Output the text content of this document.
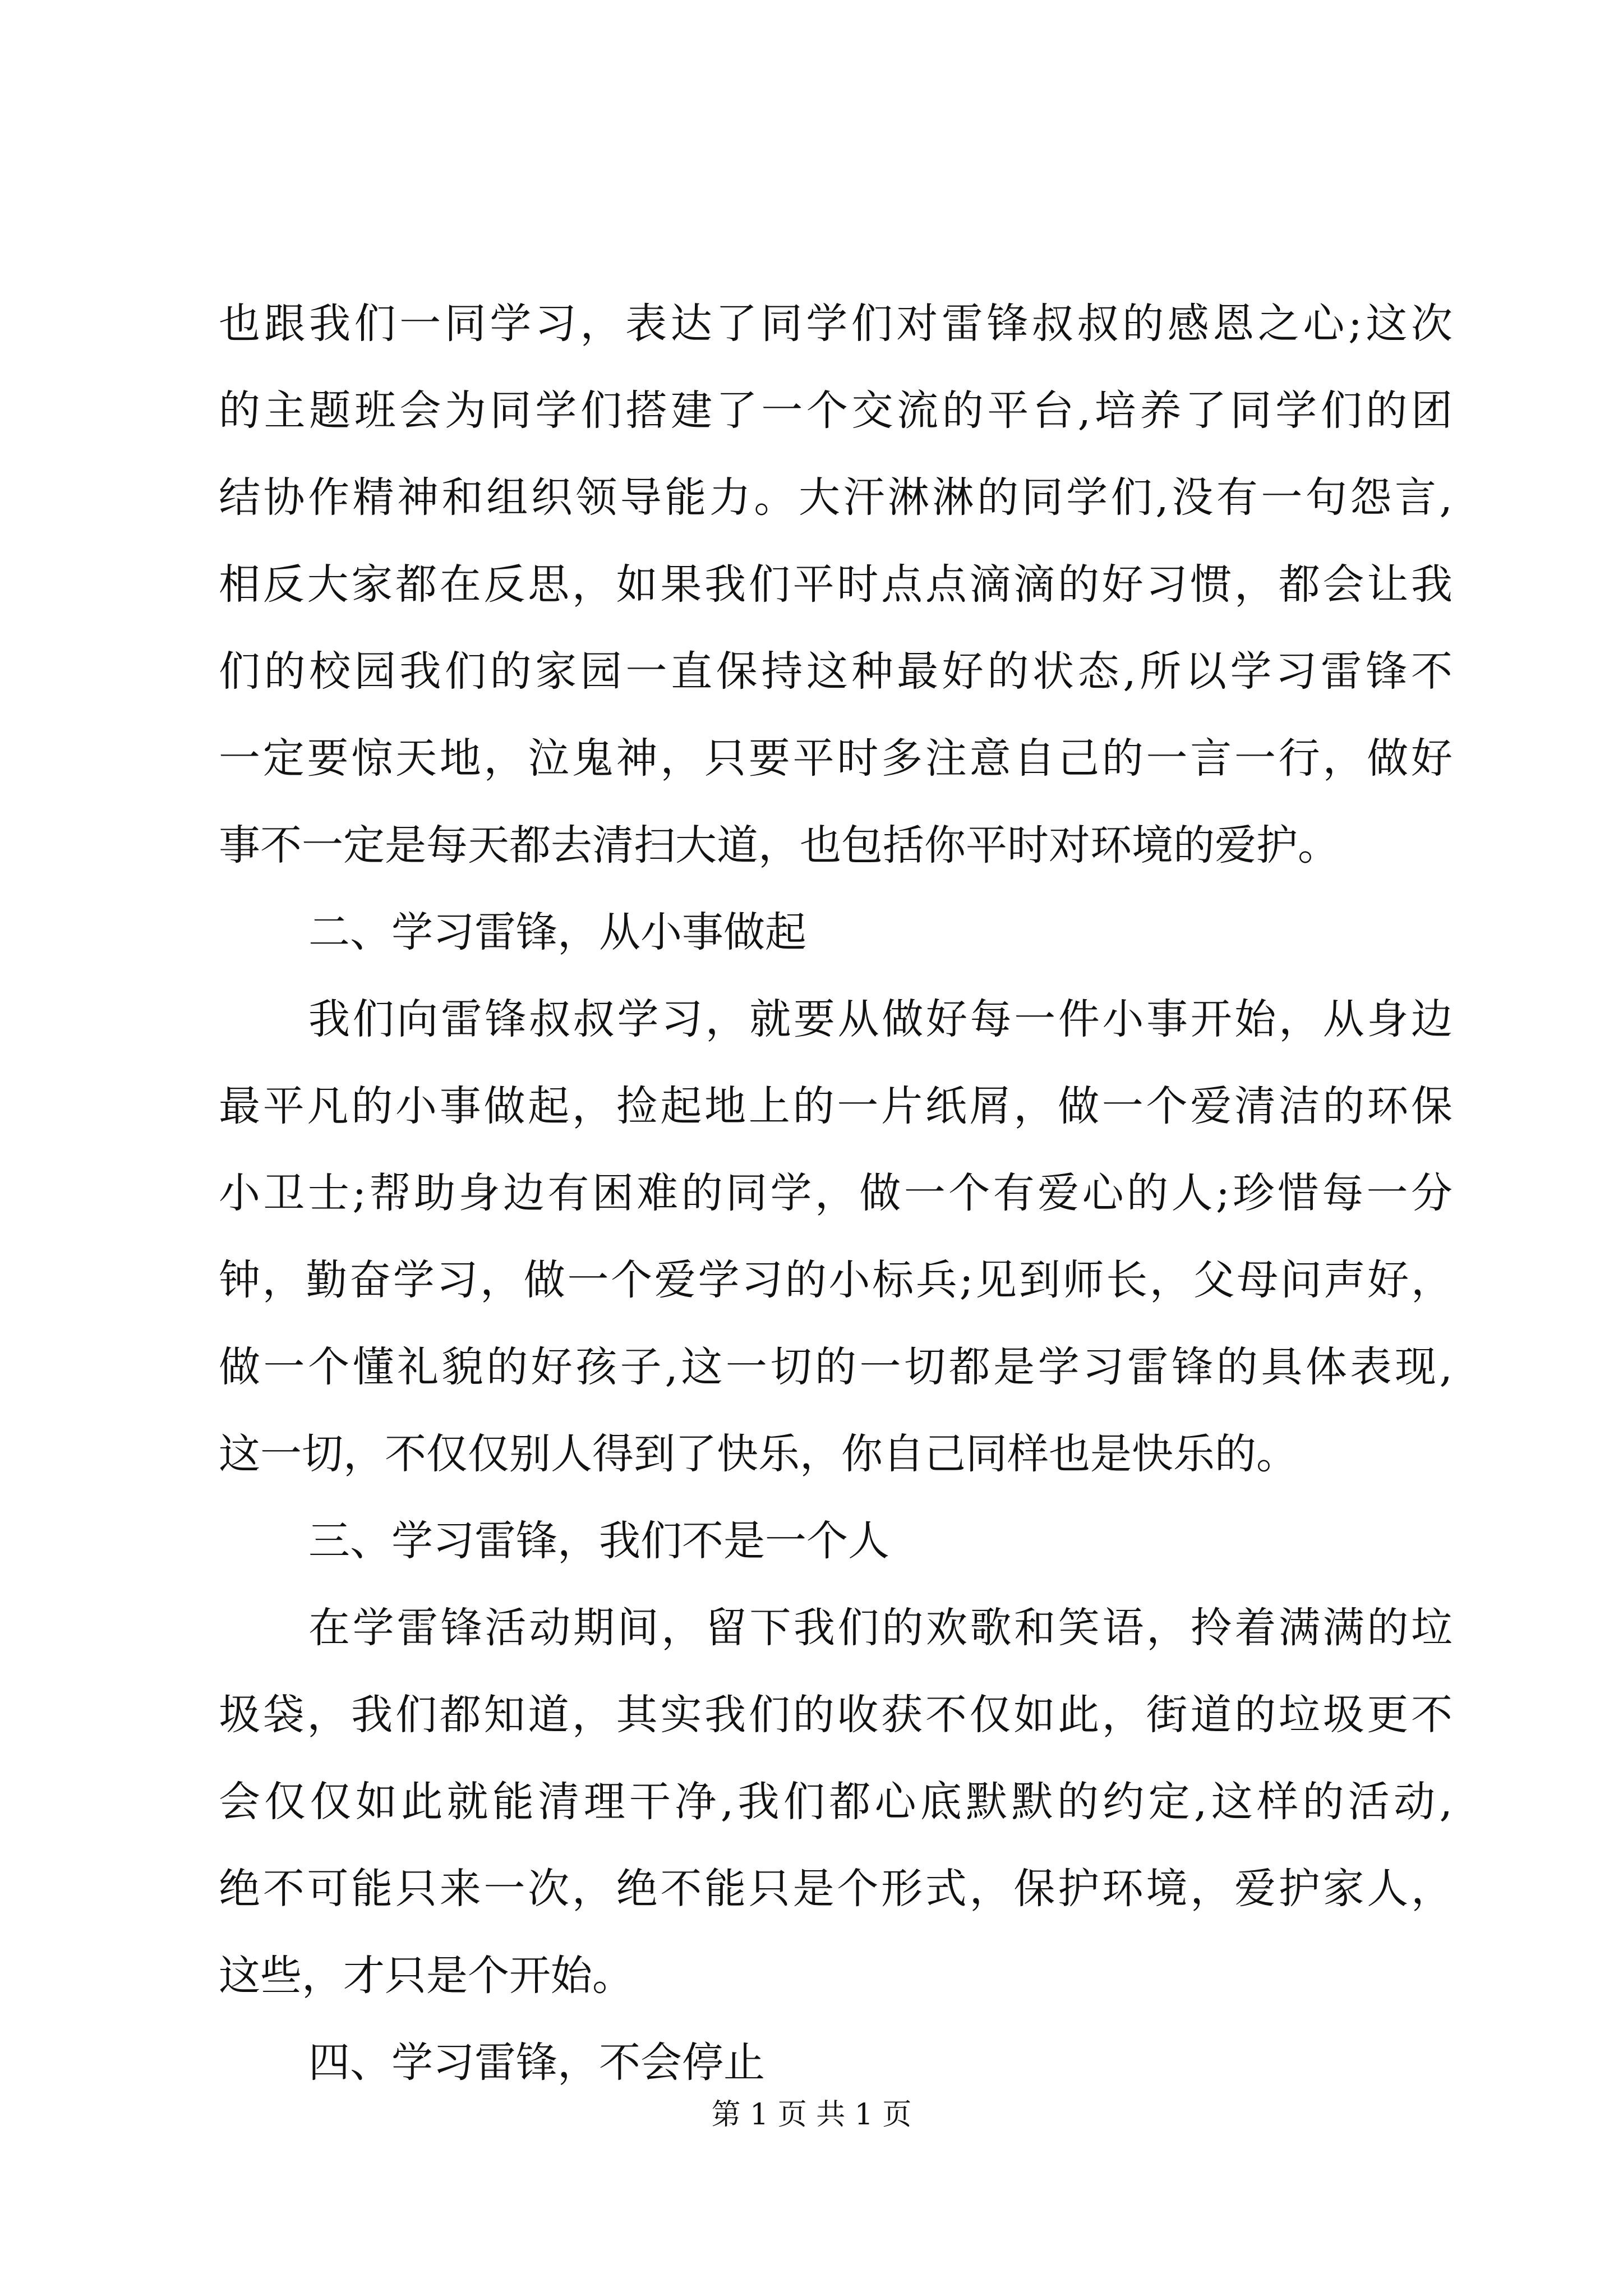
也跟我们一同学习，表达了同学们对雷锋叔叔的感恩之心;这次
的主题班会为同学们搭建了一个交流的平台,培养了同学们的团
结协作精神和组织领导能力。大汗淋淋的同学们,没有一句怨言,
相反大家都在反思，如果我们平时点点滴滴的好习惯，都会让我
们的校园我们的家园一直保持这种最好的状态,所以学习雷锋不
一定要惊天地，泣鬼神，只要平时多注意自己的一言一行，做好
事不一定是每天都去清扫大道，也包括你平时对环境的爱护。
二、学习雷锋，从小事做起
我们向雷锋叔叔学习，就要从做好每一件小事开始，从身边
最平凡的小事做起，捡起地上的一片纸屑，做一个爱清洁的环保
小卫士;帮助身边有困难的同学，做一个有爱心的人;珍惜每一分
钟，勤奋学习，做一个爱学习的小标兵;见到师长，父母问声好，
做一个懂礼貌的好孩子,这一切的一切都是学习雷锋的具体表现,
这一切，不仅仅别人得到了快乐，你自己同样也是快乐的。
三、学习雷锋，我们不是一个人
在学雷锋活动期间，留下我们的欢歌和笑语，拎着满满的垃
圾袋，我们都知道，其实我们的收获不仅如此，街道的垃圾更不
会仅仅如此就能清理干净,我们都心底默默的约定,这样的活动,
绝不可能只来一次，绝不能只是个形式，保护环境，爱护家人，
这些，才只是个开始。
四、学习雷锋，不会停止
第 1 页 共 1 页
